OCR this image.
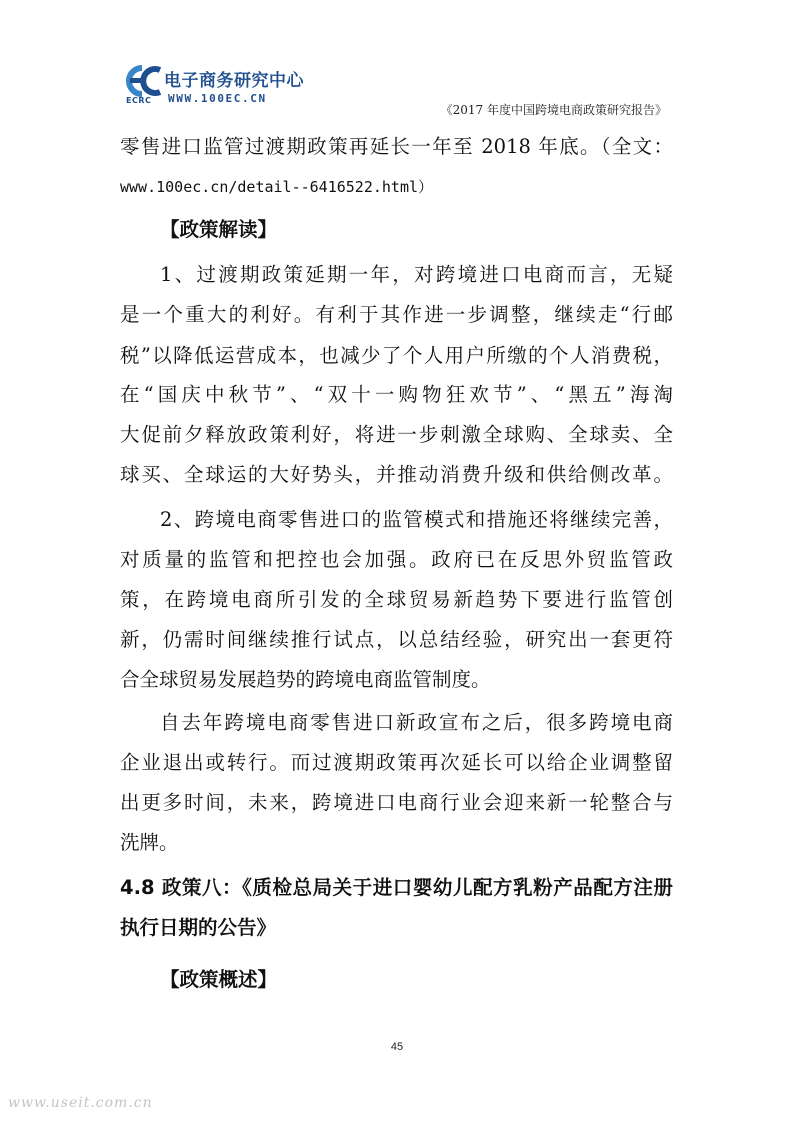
电子商务研究中心
ECRC WWW.100EC.CN
《2017 年度中国跨境电商政策研究报告》
零售进口监管过渡期政策再延长一年至 2018 年底。（全文：
www.100ec.cn/detail--6416522.html）
【政策解读】
1、过渡期政策延期一年，对跨境进口电商而言，无疑
是一个重大的利好。有利于其作进一步调整，继续走“行邮
税”以降低运营成本，也减少了个人用户所缴的个人消费税，
在“国庆中秋节”、“双十一购物狂欢节”、“黑五”海淘
大促前夕释放政策利好，将进一步刺激全球购、全球卖、全
球买、全球运的大好势头，并推动消费升级和供给侧改革。
2、跨境电商零售进口的监管模式和措施还将继续完善，
对质量的监管和把控也会加强。政府已在反思外贸监管政
策，在跨境电商所引发的全球贸易新趋势下要进行监管创
新，仍需时间继续推行试点，以总结经验，研究出一套更符
合全球贸易发展趋势的跨境电商监管制度。
自去年跨境电商零售进口新政宣布之后，很多跨境电商
企业退出或转行。而过渡期政策再次延长可以给企业调整留
出更多时间，未来，跨境进口电商行业会迎来新一轮整合与
洗牌。
4.8 政策八：《质检总局关于进口婴幼儿配方乳粉产品配方注册
执行日期的公告》
【政策概述】
45
www.useit.com.cn
